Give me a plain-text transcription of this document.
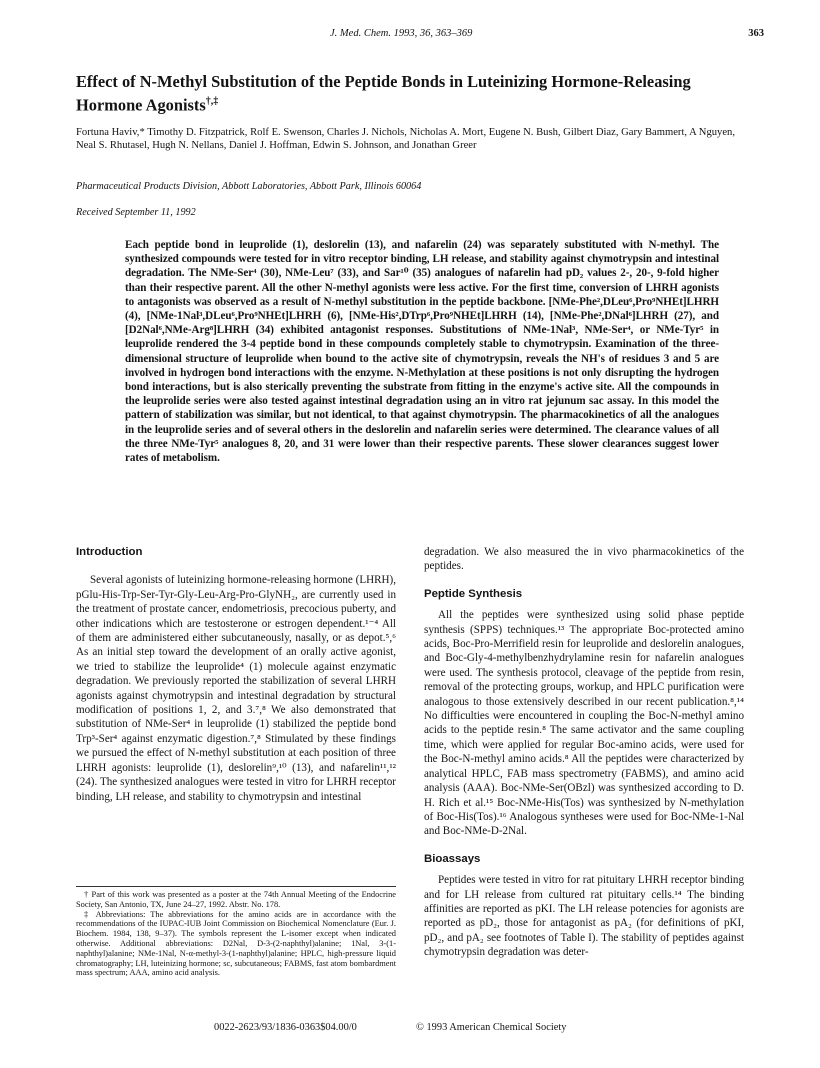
J. Med. Chem. 1993, 36, 363–369	363
Effect of N-Methyl Substitution of the Peptide Bonds in Luteinizing Hormone-Releasing Hormone Agonists†,‡
Fortuna Haviv,* Timothy D. Fitzpatrick, Rolf E. Swenson, Charles J. Nichols, Nicholas A. Mort, Eugene N. Bush, Gilbert Diaz, Gary Bammert, A Nguyen, Neal S. Rhutasel, Hugh N. Nellans, Daniel J. Hoffman, Edwin S. Johnson, and Jonathan Greer
Pharmaceutical Products Division, Abbott Laboratories, Abbott Park, Illinois 60064
Received September 11, 1992
Each peptide bond in leuprolide (1), deslorelin (13), and nafarelin (24) was separately substituted with N-methyl. The synthesized compounds were tested for in vitro receptor binding, LH release, and stability against chymotrypsin and intestinal degradation. The NMe-Ser⁴ (30), NMe-Leu⁷ (33), and Sar¹⁰ (35) analogues of nafarelin had pD₂ values 2-, 20-, 9-fold higher than their respective parent. All the other N-methyl agonists were less active. For the first time, conversion of LHRH agonists to antagonists was observed as a result of N-methyl substitution in the peptide backbone. [NMe-Phe²,DLeu⁶,Pro⁹NHEt]LHRH (4), [NMe-1Nal³,DLeu⁶,Pro⁹NHEt]LHRH (6), [NMe-His²,DTrp⁶,Pro⁹NHEt]LHRH (14), [NMe-Phe²,DNal⁶]LHRH (27), and [D2Nal⁶,NMe-Arg⁸]LHRH (34) exhibited antagonist responses. Substitutions of NMe-1Nal³, NMe-Ser⁴, or NMe-Tyr⁵ in leuprolide rendered the 3-4 peptide bond in these compounds completely stable to chymotrypsin. Examination of the three-dimensional structure of leuprolide when bound to the active site of chymotrypsin, reveals the NH's of residues 3 and 5 are involved in hydrogen bond interactions with the enzyme. N-Methylation at these positions is not only disrupting the hydrogen bond interactions, but is also sterically preventing the substrate from fitting in the enzyme's active site. All the compounds in the leuprolide series were also tested against intestinal degradation using an in vitro rat jejunum sac assay. In this model the pattern of stabilization was similar, but not identical, to that against chymotrypsin. The pharmacokinetics of all the analogues in the leuprolide series and of several others in the deslorelin and nafarelin series were determined. The clearance values of all the three NMe-Tyr⁵ analogues 8, 20, and 31 were lower than their respective parents. These slower clearances suggest lower rates of metabolism.
Introduction

Several agonists of luteinizing hormone-releasing hormone (LHRH), pGlu-His-Trp-Ser-Tyr-Gly-Leu-Arg-Pro-GlyNH₂, are currently used in the treatment of prostate cancer, endometriosis, precocious puberty, and other indications which are testosterone or estrogen dependent.¹⁻⁴ All of them are administered either subcutaneously, nasally, or as depot.⁵,⁶ As an initial step toward the development of an orally active agonist, we tried to stabilize the leuprolide⁴ (1) molecule against enzymatic degradation. We previously reported the stabilization of several LHRH agonists against chymotrypsin and intestinal degradation by structural modification of positions 1, 2, and 3.⁷,⁸ We also demonstrated that substitution of NMe-Ser⁴ in leuprolide (1) stabilized the peptide bond Trp³-Ser⁴ against enzymatic digestion.⁷,⁸ Stimulated by these findings we pursued the effect of N-methyl substitution at each position of three LHRH agonists: leuprolide (1), deslorelin⁹,¹⁰ (13), and nafarelin¹¹,¹² (24). The synthesized analogues were tested in vitro for LHRH receptor binding, LH release, and stability to chymotrypsin and intestinal

† Part of this work was presented as a poster at the 74th Annual Meeting of the Endocrine Society, San Antonio, TX, June 24–27, 1992. Abstr. No. 178.

‡ Abbreviations: The abbreviations for the amino acids are in accordance with the recommendations of the IUPAC-IUB Joint Commission on Biochemical Nomenclature (Eur. J. Biochem. 1984, 138, 9–37). The symbols represent the L-isomer except when indicated otherwise. Additional abbreviations: D2Nal, D-3-(2-naphthyl)alanine; 1Nal, 3-(1-naphthyl)alanine; NMe-1Nal, N-α-methyl-3-(1-naphthyl)alanine; HPLC, high-pressure liquid chromatography; LH, luteinizing hormone; sc, subcutaneous; FABMS, fast atom bombardment mass spectrum; AAA, amino acid analysis.

degradation. We also measured the in vivo pharmacokinetics of the peptides.

Peptide Synthesis

All the peptides were synthesized using solid phase peptide synthesis (SPPS) techniques.¹³ The appropriate Boc-protected amino acids, Boc-Pro-Merrifield resin for leuprolide and deslorelin analogues, and Boc-Gly-4-methylbenzhydrylamine resin for nafarelin analogues were used. The synthesis protocol, cleavage of the peptide from resin, removal of the protecting groups, workup, and HPLC purification were analogous to those extensively described in our recent publication.⁸,¹⁴ No difficulties were encountered in coupling the Boc-N-methyl amino acids to the peptide resin.⁸ The same activator and the same coupling time, which were applied for regular Boc-amino acids, were used for the Boc-N-methyl amino acids.⁸ All the peptides were characterized by analytical HPLC, FAB mass spectrometry (FABMS), and amino acid analysis (AAA). Boc-NMe-Ser(OBzl) was synthesized according to D. H. Rich et al.¹⁵ Boc-NMe-His(Tos) was synthesized by N-methylation of Boc-His(Tos).¹⁶ Analogous syntheses were used for Boc-NMe-1-Nal and Boc-NMe-D-2Nal.

Bioassays

Peptides were tested in vitro for rat pituitary LHRH receptor binding and for LH release from cultured rat pituitary cells.¹⁴ The binding affinities are reported as pKI. The LH release potencies for agonists are reported as pD₂, those for antagonist as pA₂ (for definitions of pKI, pD₂, and pA₂ see footnotes of Table I). The stability of peptides against chymotrypsin degradation was deter-

0022-2623/93/1836-0363$04.00/0	© 1993 American Chemical Society
